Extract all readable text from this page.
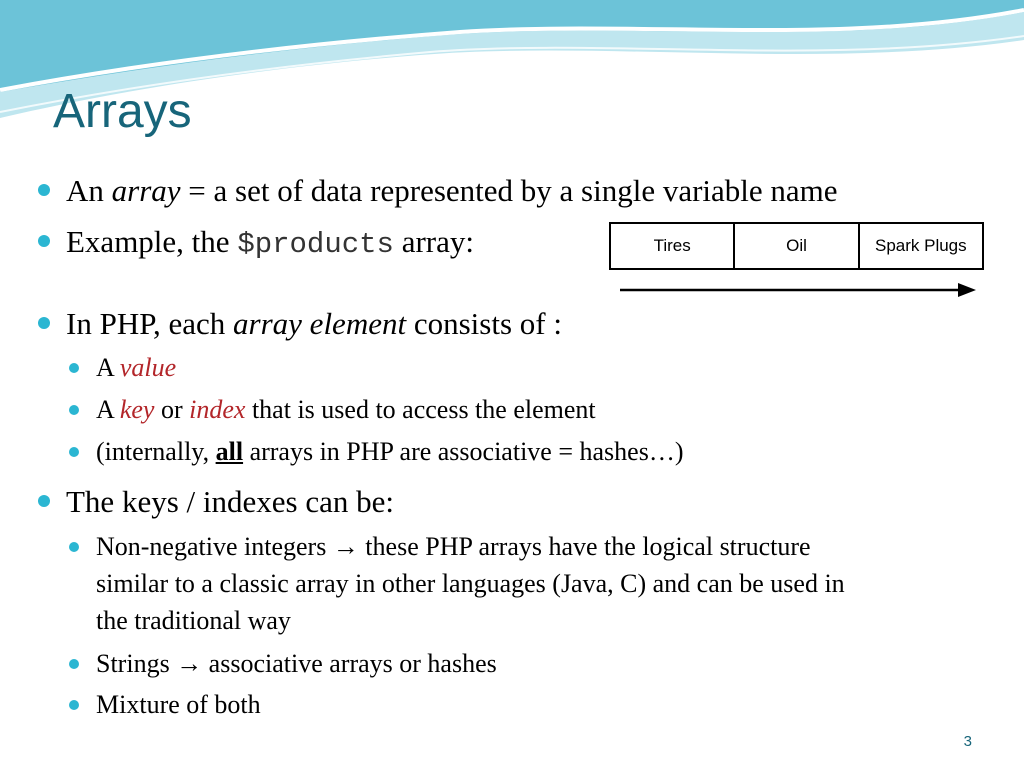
Arrays
An array = a set of data represented by a single variable name
Example, the $products array:	Tires	Oil	Spark Plugs
In PHP, each array element consists of :
A value
A key or index that is used to access the element
(internally, all arrays in PHP are associative = hashes…)
The keys / indexes can be:
Non-negative integers → these PHP arrays have the logical structure
similar to a classic array in other languages (Java, C) and can be used in
the traditional way
Strings → associative arrays or hashes
Mixture of both
3
